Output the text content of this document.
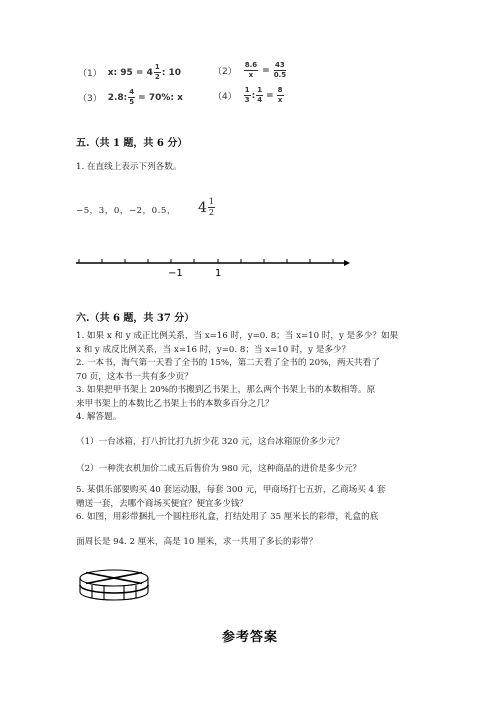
（1） x: $95 = 4 \frac{1}{2}$ : 10	$(2) \frac{8.6}{x} = \frac{43}{0.5}$
（3） 2.8: $\frac{4}{5} = 70\%$: x	$(4) \frac{1}{3}$ : $\frac{1}{4} = \frac{8}{x}$
五.（共 1 题，共 6 分）
1. 在直线上表示下列各数。
−5，3，0，−2，0.5， $4 \frac{1}{2}$
−1	1
六.（共 6 题，共 37 分）
1. 如果 x 和 y 成正比例关系，当 x=16 时，y=0. 8；当 x=10 时，y 是多少？如果
x 和 y 成反比例关系，当 x=16 时，y=0. 8；当 x=10 时，y 是多少？
2. 一本书，淘气第一天看了全书的 15%，第二天看了全书的 20%，两天共看了
70 页，这本书一共有多少页？
3. 如果把甲书架上 20%的书搬到乙书架上，那么两个书架上书的本数相等。原
来甲书架上的本数比乙书架上书的本数多百分之几？
4. 解答题。
（1）一台冰箱，打八折比打九折少花 320 元，这台冰箱原价多少元？
（2）一种洗衣机加价二成五后售价为 980 元，这种商品的进价是多少元？
5. 某俱乐部要购买 40 套运动服，每套 300 元，甲商场打七五折，乙商场买 4 套
赠送一套，去哪个商场买便宜？便宜多少钱？
6. 如图，用彩带捆扎一个圆柱形礼盒，打结处用了 35 厘米长的彩带，礼盒的底
面周长是 94. 2 厘米，高是 10 厘米，求一共用了多长的彩带？
参考答案
